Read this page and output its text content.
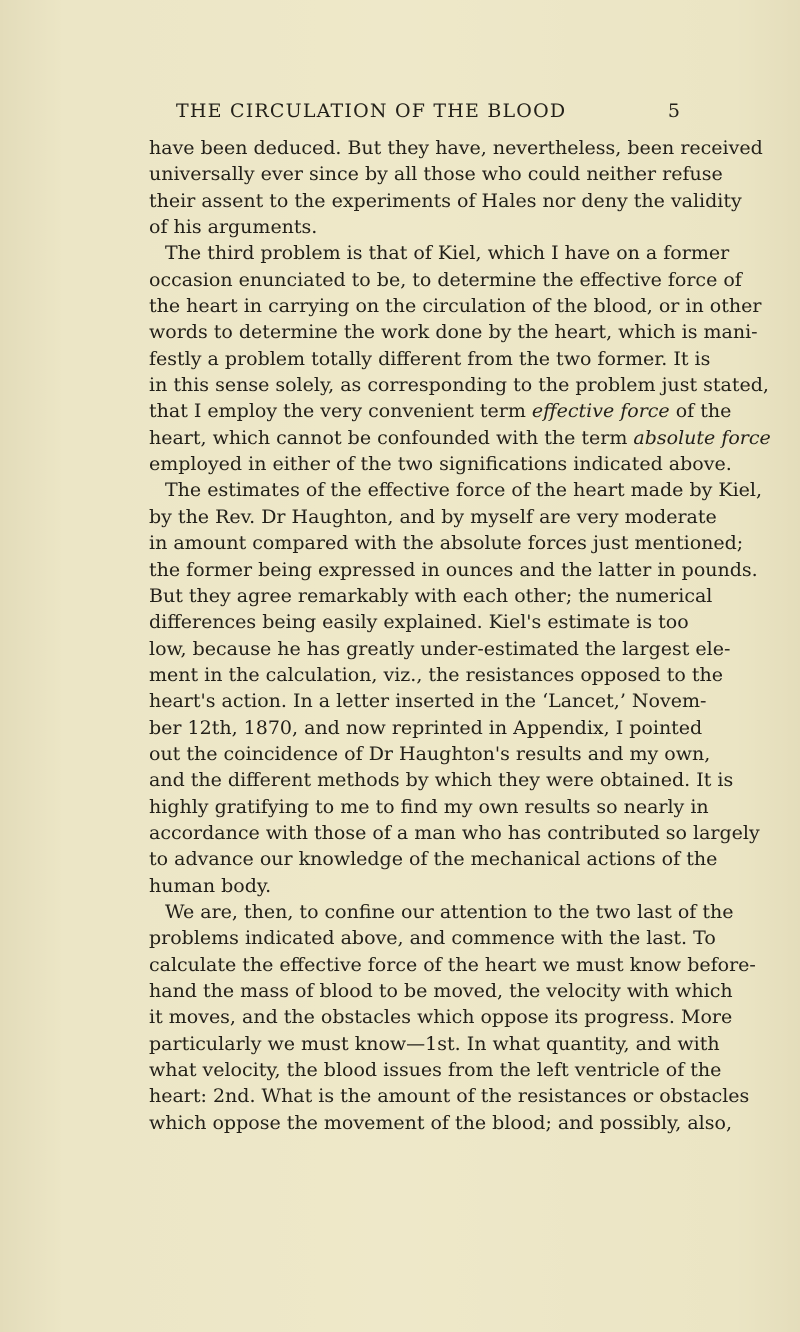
THE CIRCULATION OF THE BLOOD	5
have been deduced. But they have, nevertheless, been received
universally ever since by all those who could neither refuse
their assent to the experiments of Hales nor deny the validity
of his arguments.
The third problem is that of Kiel, which I have on a former
occasion enunciated to be, to determine the effective force of
the heart in carrying on the circulation of the blood, or in other
words to determine the work done by the heart, which is mani-
festly a problem totally different from the two former. It is
in this sense solely, as corresponding to the problem just stated,
that I employ the very convenient term effective force of the
heart, which cannot be confounded with the term absolute force
employed in either of the two significations indicated above.
The estimates of the effective force of the heart made by Kiel,
by the Rev. Dr Haughton, and by myself are very moderate
in amount compared with the absolute forces just mentioned;
the former being expressed in ounces and the latter in pounds.
But they agree remarkably with each other; the numerical
differences being easily explained. Kiel's estimate is too
low, because he has greatly under-estimated the largest ele-
ment in the calculation, viz., the resistances opposed to the
heart's action. In a letter inserted in the ‘Lancet,’ Novem-
ber 12th, 1870, and now reprinted in Appendix, I pointed
out the coincidence of Dr Haughton's results and my own,
and the different methods by which they were obtained. It is
highly gratifying to me to find my own results so nearly in
accordance with those of a man who has contributed so largely
to advance our knowledge of the mechanical actions of the
human body.
We are, then, to confine our attention to the two last of the
problems indicated above, and commence with the last. To
calculate the effective force of the heart we must know before-
hand the mass of blood to be moved, the velocity with which
it moves, and the obstacles which oppose its progress. More
particularly we must know—1st. In what quantity, and with
what velocity, the blood issues from the left ventricle of the
heart: 2nd. What is the amount of the resistances or obstacles
which oppose the movement of the blood; and possibly, also,
